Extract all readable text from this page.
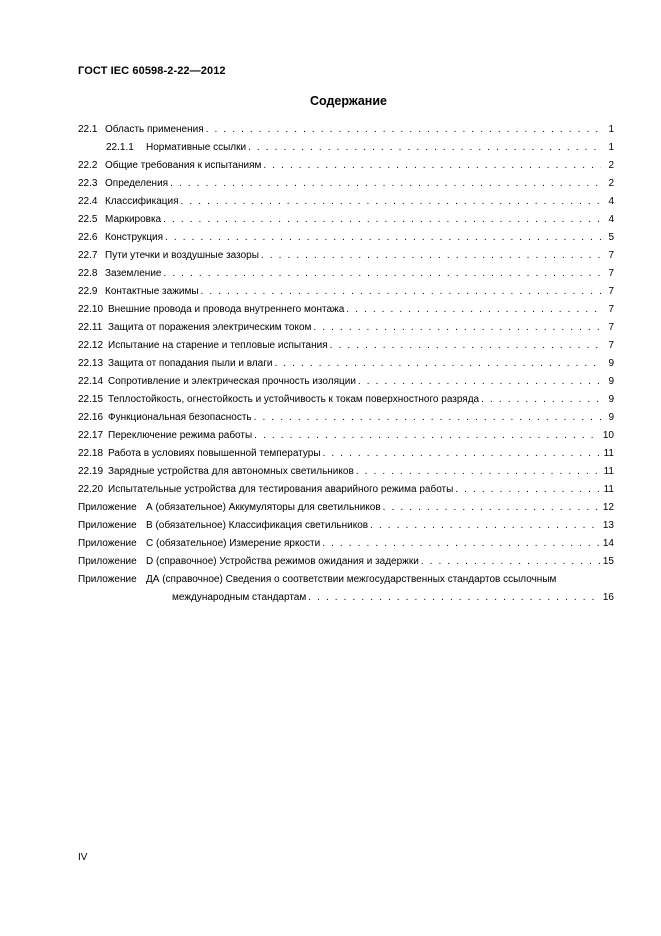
ГОСТ IEC 60598-2-22—2012
Содержание
22.1 Область применения . . .	1
22.1.1	Нормативные ссылки . . .	1
22.2 Общие требования к испытаниям . . .	2
22.3 Определения . . .	2
22.4 Классификация . . .	4
22.5 Маркировка . . .	4
22.6 Конструкция . . .	5
22.7 Пути утечки и воздушные зазоры . . .	7
22.8 Заземление . . .	7
22.9 Контактные зажимы . . .	7
22.10 Внешние провода и провода внутреннего монтажа . . .	7
22.11 Защита от поражения электрическим током . . .	7
22.12 Испытание на старение и тепловые испытания . . .	7
22.13 Защита от попадания пыли и влаги . . .	9
22.14 Сопротивление и электрическая прочность изоляции . . .	9
22.15 Теплостойкость, огнестойкость и устойчивость к токам поверхностного разряда . . .	9
22.16 Функциональная безопасность . . .	9
22.17 Переключение режима работы . . .	10
22.18 Работа в условиях повышенной температуры . . .	11
22.19 Зарядные устройства для автономных светильников . . .	11
22.20 Испытательные устройства для тестирования аварийного режима работы . . .	11
Приложение А (обязательное) Аккумуляторы для светильников . . .	12
Приложение В (обязательное) Классификация светильников . . .	13
Приложение С (обязательное) Измерение яркости . . .	14
Приложение D (справочное) Устройства режимов ожидания и задержки . . .	15
Приложение ДА (справочное) Сведения о соответствии межгосударственных стандартов ссылочным
международным стандартам . . .	16
IV
